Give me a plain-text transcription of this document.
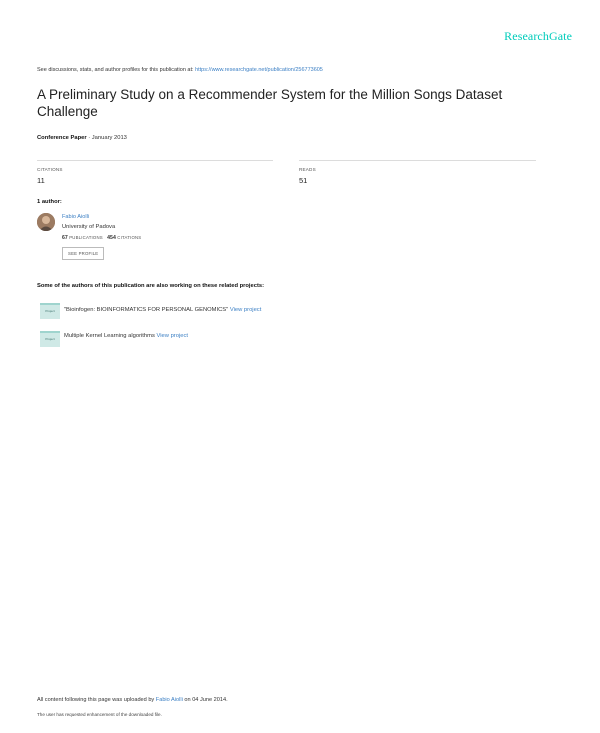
ResearchGate
See discussions, stats, and author profiles for this publication at: https://www.researchgate.net/publication/256773605
A Preliminary Study on a Recommender System for the Million Songs Dataset Challenge
Conference Paper · January 2013
CITATIONS
11
READS
51
1 author:
Fabio Aiolli
University of Padova
67 PUBLICATIONS 454 CITATIONS
SEE PROFILE
Some of the authors of this publication are also working on these related projects:
Project	"Bioinfogen: BIOINFORMATICS FOR PERSONAL GENOMICS" View project
Project	Multiple Kernel Learning algorithms View project
All content following this page was uploaded by Fabio Aiolli on 04 June 2014.
The user has requested enhancement of the downloaded file.
